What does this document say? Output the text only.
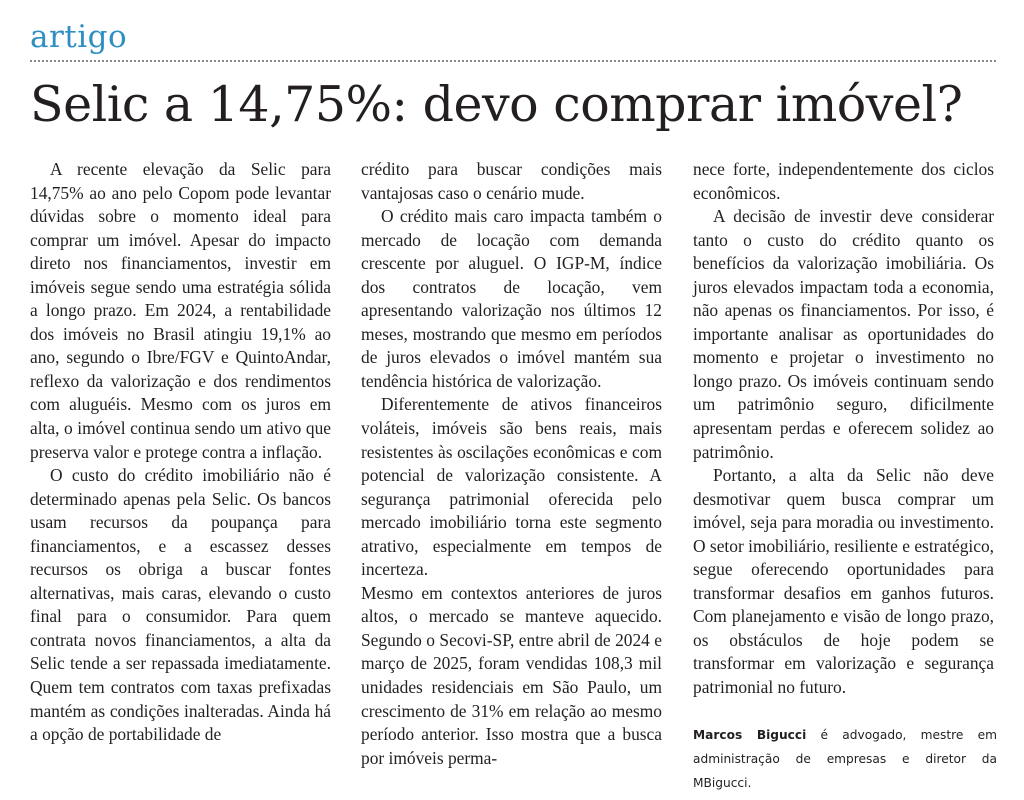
artigo
Selic a 14,75%: devo comprar imóvel?

A recente elevação da Selic para 14,75% ao ano pelo Copom pode levantar dúvidas sobre o momento ideal para comprar um imóvel. Apesar do impacto direto nos financiamentos, investir em imóveis segue sendo uma estratégia sólida a longo prazo. Em 2024, a rentabilidade dos imóveis no Brasil atingiu 19,1% ao ano, segundo o Ibre/FGV e QuintoAndar, reflexo da valorização e dos rendimentos com aluguéis. Mesmo com os juros em alta, o imóvel continua sendo um ativo que preserva valor e protege contra a inflação.

O custo do crédito imobiliário não é determinado apenas pela Selic. Os bancos usam recursos da poupança para financiamentos, e a escassez desses recursos os obriga a buscar fontes alternativas, mais caras, elevando o custo final para o consumidor. Para quem contrata novos financiamentos, a alta da Selic tende a ser repassada imediatamente. Quem tem contratos com taxas prefixadas mantém as condições inalteradas. Ainda há a opção de portabilidade de

crédito para buscar condições mais vantajosas caso o cenário mude.

O crédito mais caro impacta também o mercado de locação com demanda crescente por aluguel. O IGP-M, índice dos contratos de locação, vem apresentando valorização nos últimos 12 meses, mostrando que mesmo em períodos de juros elevados o imóvel mantém sua tendência histórica de valorização.

Diferentemente de ativos financeiros voláteis, imóveis são bens reais, mais resistentes às oscilações econômicas e com potencial de valorização consistente. A segurança patrimonial oferecida pelo mercado imobiliário torna este segmento atrativo, especialmente em tempos de incerteza.

Mesmo em contextos anteriores de juros altos, o mercado se manteve aquecido. Segundo o Secovi-SP, entre abril de 2024 e março de 2025, foram vendidas 108,3 mil unidades residenciais em São Paulo, um crescimento de 31% em relação ao mesmo período anterior. Isso mostra que a busca por imóveis perma-

nece forte, independentemente dos ciclos econômicos.

A decisão de investir deve considerar tanto o custo do crédito quanto os benefícios da valorização imobiliária. Os juros elevados impactam toda a economia, não apenas os financiamentos. Por isso, é importante analisar as oportunidades do momento e projetar o investimento no longo prazo. Os imóveis continuam sendo um patrimônio seguro, dificilmente apresentam perdas e oferecem solidez ao patrimônio.

Portanto, a alta da Selic não deve desmotivar quem busca comprar um imóvel, seja para moradia ou investimento. O setor imobiliário, resiliente e estratégico, segue oferecendo oportunidades para transformar desafios em ganhos futuros. Com planejamento e visão de longo prazo, os obstáculos de hoje podem se transformar em valorização e segurança patrimonial no futuro.

Marcos Bigucci é advogado, mestre em administração de empresas e diretor da MBigucci.
